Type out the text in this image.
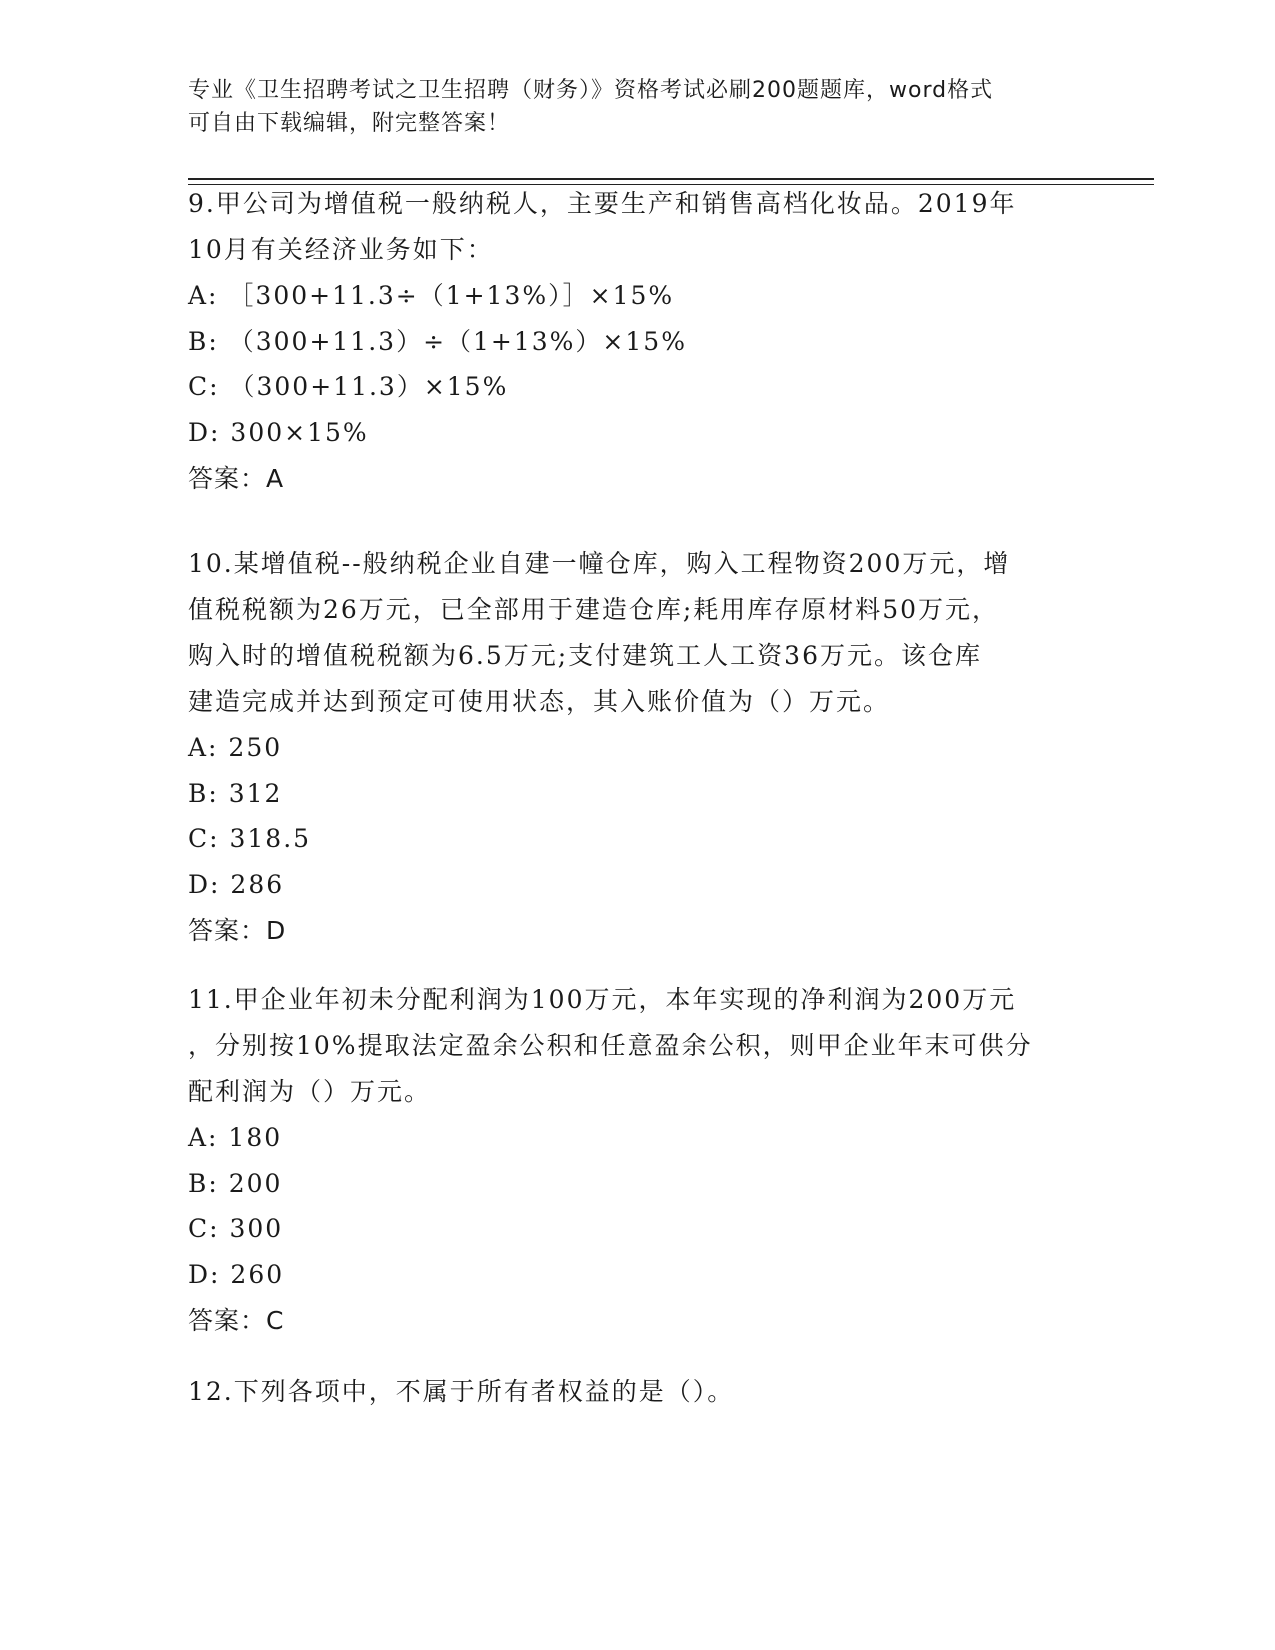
专业《卫生招聘考试之卫生招聘（财务）》资格考试必刷200题题库，word格式
可自由下载编辑，附完整答案！
9.甲公司为增值税一般纳税人，主要生产和销售高档化妆品。2019年
10月有关经济业务如下：
A: ［300+11.3÷（1+13%）］×15%
B: （300+11.3）÷（1+13%）×15%
C: （300+11.3）×15%
D: 300×15%
答案：A
10.某增值税--般纳税企业自建一幢仓库，购入工程物资200万元，增
值税税额为26万元，已全部用于建造仓库;耗用库存原材料50万元，
购入时的增值税税额为6.5万元;支付建筑工人工资36万元。该仓库
建造完成并达到预定可使用状态，其入账价值为（）万元。
A: 250
B: 312
C: 318.5
D: 286
答案：D
11.甲企业年初未分配利润为100万元，本年实现的净利润为200万元
，分别按10%提取法定盈余公积和任意盈余公积，则甲企业年末可供分
配利润为（）万元。
A: 180
B: 200
C: 300
D: 260
答案：C
12.下列各项中，不属于所有者权益的是（）。
